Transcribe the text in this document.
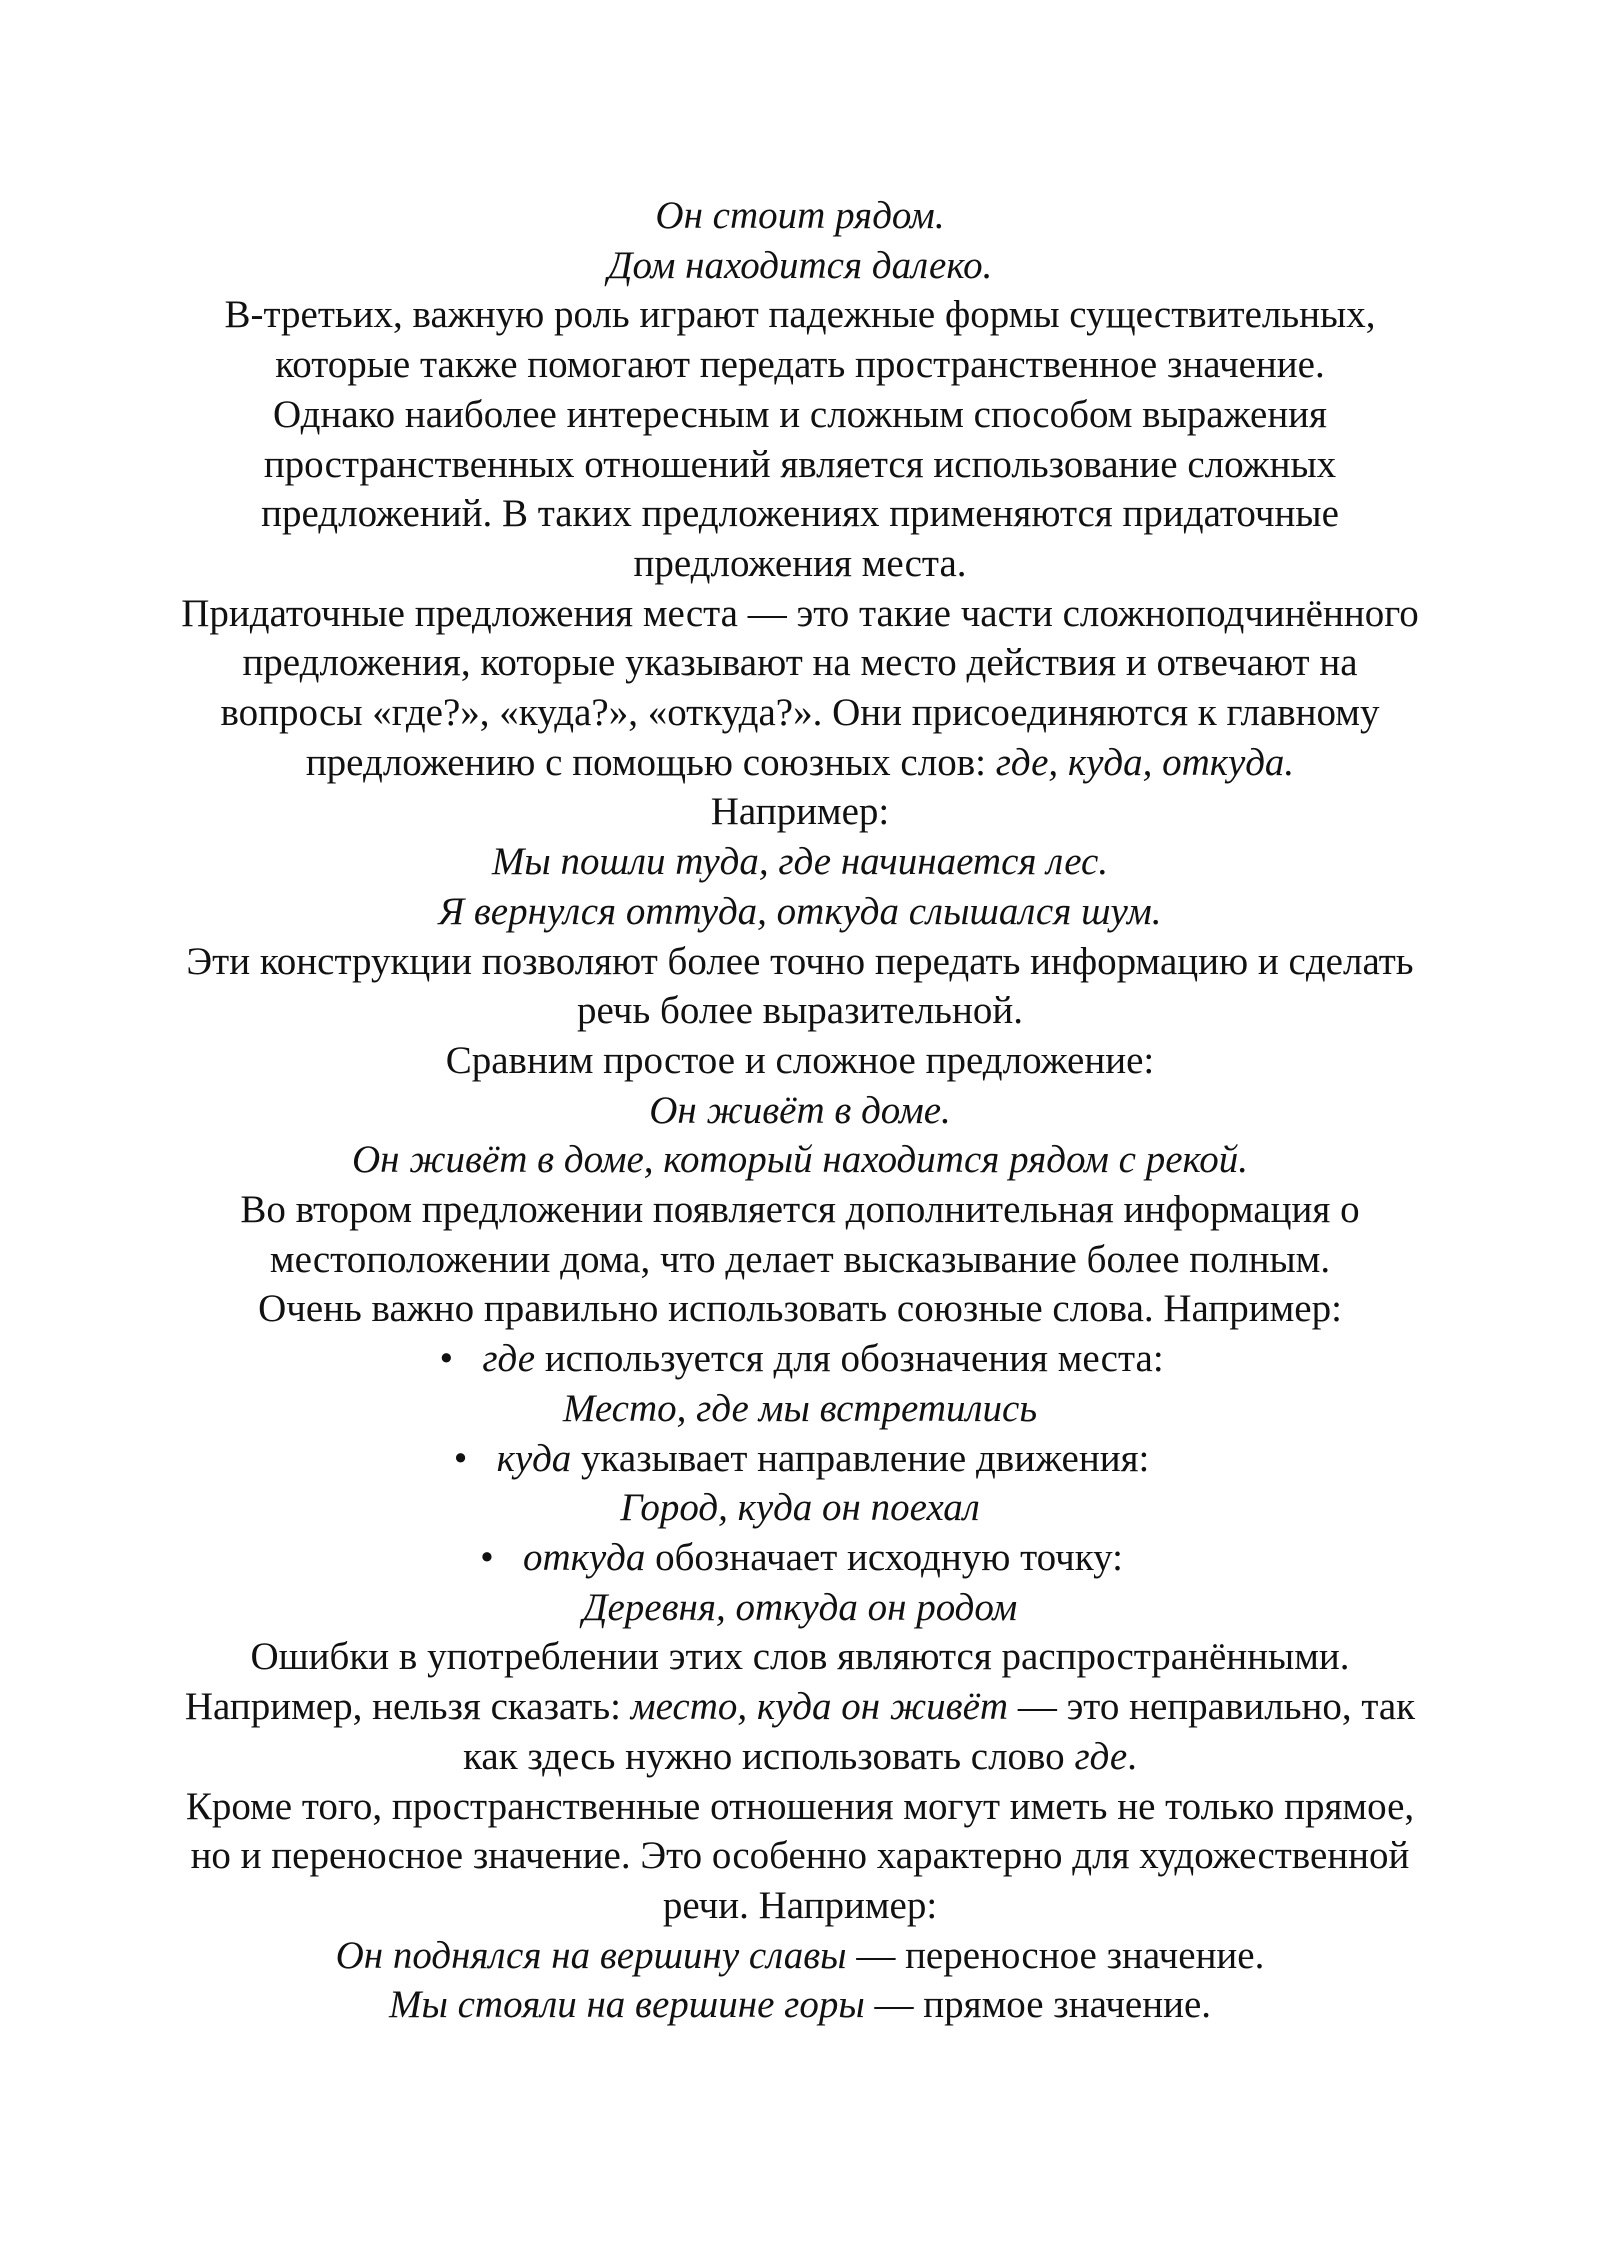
Он стоит рядом.
Дом находится далеко.
В-третьих, важную роль играют падежные формы существительных,
которые также помогают передать пространственное значение.
Однако наиболее интересным и сложным способом выражения
пространственных отношений является использование сложных
предложений. В таких предложениях применяются придаточные
предложения места.
Придаточные предложения места — это такие части сложноподчинённого
предложения, которые указывают на место действия и отвечают на
вопросы «где?», «куда?», «откуда?». Они присоединяются к главному
предложению с помощью союзных слов: где, куда, откуда.
Например:
Мы пошли туда, где начинается лес.
Я вернулся оттуда, откуда слышался шум.
Эти конструкции позволяют более точно передать информацию и сделать
речь более выразительной.
Сравним простое и сложное предложение:
Он живёт в доме.
Он живёт в доме, который находится рядом с рекой.
Во втором предложении появляется дополнительная информация о
местоположении дома, что делает высказывание более полным.
Очень важно правильно использовать союзные слова. Например:
• где используется для обозначения места:
Место, где мы встретились
• куда указывает направление движения:
Город, куда он поехал
• откуда обозначает исходную точку:
Деревня, откуда он родом
Ошибки в употреблении этих слов являются распространёнными.
Например, нельзя сказать: место, куда он живёт — это неправильно, так
как здесь нужно использовать слово где.
Кроме того, пространственные отношения могут иметь не только прямое,
но и переносное значение. Это особенно характерно для художественной
речи. Например:
Он поднялся на вершину славы — переносное значение.
Мы стояли на вершине горы — прямое значение.
